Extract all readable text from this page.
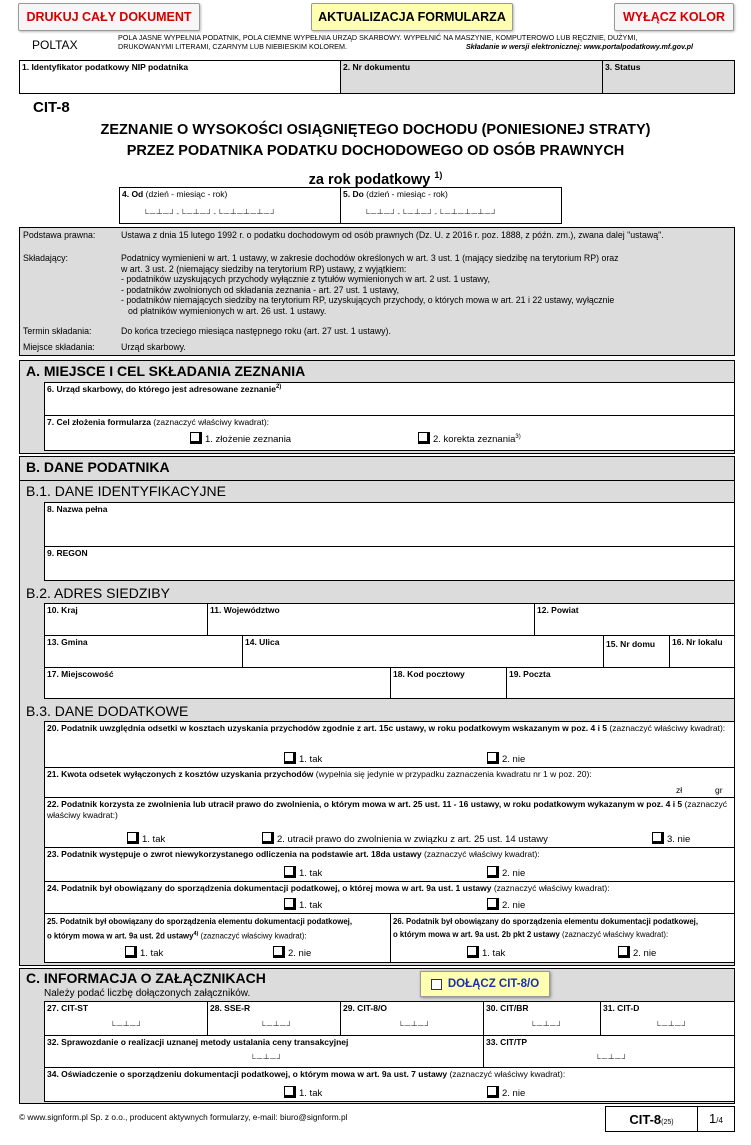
DRUKUJ CAŁY DOKUMENT	AKTUALIZACJA FORMULARZA	WYŁĄCZ KOLOR
POLTAX
POLA JASNE WYPEŁNIA PODATNIK, POLA CIEMNE WYPEŁNIA URZĄD SKARBOWY. WYPEŁNIĆ NA MASZYNIE, KOMPUTEROWO LUB RĘCZNIE, DUŻYMI,
DRUKOWANYMI LITERAMI, CZARNYM LUB NIEBIESKIM KOLOREM.	Składanie w wersji elektronicznej: www.portalpodatkowy.mf.gov.pl
1. Identyfikator podatkowy NIP podatnika	2. Nr dokumentu	3. Status
CIT-8
ZEZNANIE O WYSOKOŚCI OSIĄGNIĘTEGO DOCHODU (PONIESIONEJ STRATY)
PRZEZ PODATNIKA PODATKU DOCHODOWEGO OD OSÓB PRAWNYCH
za rok podatkowy $^{1)}$
4. Od (dzień - miesiąc - rok)	5. Do (dzień - miesiąc - rok)
└─┴─┘-└─┴─┘-└─┴─┴─┴─┘	└─┴─┘-└─┴─┘-└─┴─┴─┴─┘
Podstawa prawna:	Ustawa z dnia 15 lutego 1992 r. o podatku dochodowym od osób prawnych (Dz. U. z 2016 r. poz. 1888, z późn. zm.), zwana dalej "ustawą".
Składający:	Podatnicy wymienieni w art. 1 ustawy, w zakresie dochodów określonych w art. 3 ust. 1 (mający siedzibę na terytorium RP) oraz
w art. 3 ust. 2 (niemający siedziby na terytorium RP) ustawy, z wyjątkiem:
- podatników uzyskujących przychody wyłącznie z tytułów wymienionych w art. 2 ust. 1 ustawy,
- podatników zwolnionych od składania zeznania - art. 27 ust. 1 ustawy,
- podatników niemających siedziby na terytorium RP, uzyskujących przychody, o których mowa w art. 21 i 22 ustawy, wyłącznie
od płatników wymienionych w art. 26 ust. 1 ustawy.
Termin składania:	Do końca trzeciego miesiąca następnego roku (art. 27 ust. 1 ustawy).
Miejsce składania:	Urząd skarbowy.
A. MIEJSCE I CEL SKŁADANIA ZEZNANIA
6. Urząd skarbowy, do którego jest adresowane zeznanie$^{2)}$
7. Cel złożenia formularza (zaznaczyć właściwy kwadrat):
1. złożenie zeznania	2. korekta zeznania$^{3)}$
B. DANE PODATNIKA
B.1. DANE IDENTYFIKACYJNE
8. Nazwa pełna
9. REGON
B.2. ADRES SIEDZIBY
10. Kraj	11. Województwo	12. Powiat
13. Gmina	14. Ulica	15. Nr domu	16. Nr lokalu
17. Miejscowość	18. Kod pocztowy	19. Poczta
B.3. DANE DODATKOWE
20. Podatnik uwzględnia odsetki w kosztach uzyskania przychodów zgodnie z art. 15c ustawy, w roku podatkowym wskazanym w poz. 4 i 5 (zaznaczyć właściwy kwadrat):
1. tak	2. nie
21. Kwota odsetek wyłączonych z kosztów uzyskania przychodów (wypełnia się jedynie w przypadku zaznaczenia kwadratu nr 1 w poz. 20):
zł	gr
22. Podatnik korzysta ze zwolnienia lub utracił prawo do zwolnienia, o którym mowa w art. 25 ust. 11 - 16 ustawy, w roku podatkowym wykazanym w poz. 4 i 5 (zaznaczyć właściwy kwadrat:)
1. tak	2. utracił prawo do zwolnienia w związku z art. 25 ust. 14 ustawy	3. nie
23. Podatnik występuje o zwrot niewykorzystanego odliczenia na podstawie art. 18da ustawy (zaznaczyć właściwy kwadrat):
1. tak	2. nie
24. Podatnik był obowiązany do sporządzenia dokumentacji podatkowej, o której mowa w art. 9a ust. 1 ustawy (zaznaczyć właściwy kwadrat):
1. tak	2. nie
25. Podatnik był obowiązany do sporządzenia elementu dokumentacji podatkowej,
o którym mowa w art. 9a ust. 2d ustawy$^{4)}$ (zaznaczyć właściwy kwadrat):
1. tak	2. nie
26. Podatnik był obowiązany do sporządzenia elementu dokumentacji podatkowej,
o którym mowa w art. 9a ust. 2b pkt 2 ustawy (zaznaczyć właściwy kwadrat):
1. tak	2. nie
C. INFORMACJA O ZAŁĄCZNIKACH	DOŁĄCZ CIT-8/O
Należy podać liczbę dołączonych załączników.
27. CIT-ST	28. SSE-R	29. CIT-8/O	30. CIT/BR	31. CIT-D
└─┴─┘	└─┴─┘	└─┴─┘	└─┴─┘	└─┴─┘
32. Sprawozdanie o realizacji uznanej metody ustalania ceny transakcyjnej	33. CIT/TP
└─┴─┘	└─┴─┘
34. Oświadczenie o sporządzeniu dokumentacji podatkowej, o którym mowa w art. 9a ust. 7 ustawy (zaznaczyć właściwy kwadrat):
1. tak	2. nie
© www.signform.pl Sp. z o.o., producent aktywnych formularzy, e-mail: biuro@signform.pl	CIT-8 (25)	1/4
